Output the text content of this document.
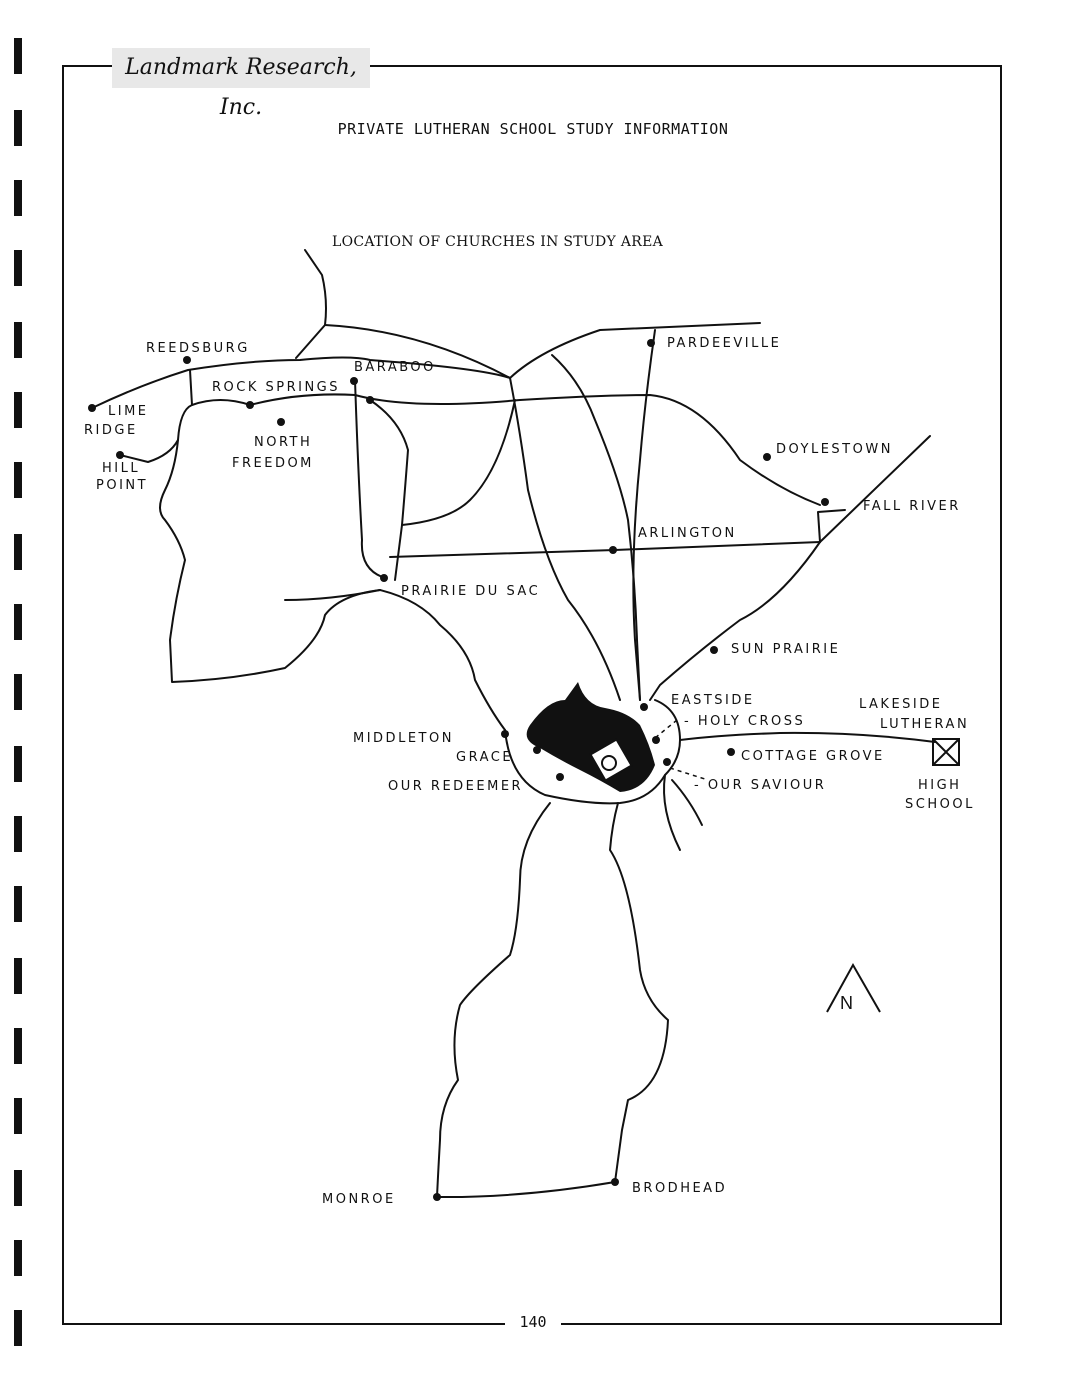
Landmark Research, Inc.
PRIVATE LUTHERAN SCHOOL STUDY INFORMATION
LOCATION OF CHURCHES IN STUDY AREA
N
REEDSBURG
BARABOO
ROCK SPRINGS
LIME
RIDGE
HILL
POINT
NORTH
FREEDOM
PARDEEVILLE
DOYLESTOWN
FALL RIVER
ARLINGTON
PRAIRIE DU SAC
SUN PRAIRIE
EASTSIDE
- HOLY CROSS
MIDDLETON
GRACE
OUR REDEEMER	- OUR SAVIOUR
COTTAGE GROVE
LAKESIDE
LUTHERAN
HIGH
SCHOOL
MONROE
BRODHEAD
140
